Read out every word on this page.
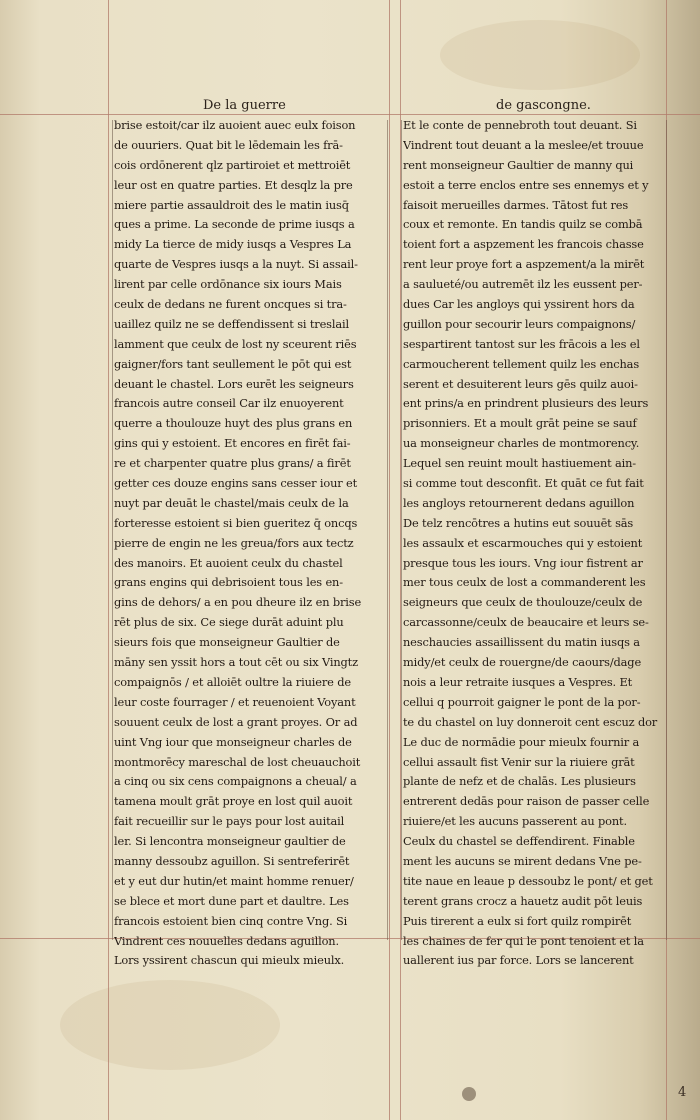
De la guerre	de gascongne.
brise estoit/car ilz auoient auec eulx foison
de ouuriers. Quat bit le lēdemain les frā-
cois ordōnerent qlz partiroiet et mettroiēt
leur ost en quatre parties. Et desqlz la pre
miere partie assauldroit des le matin iusq̄
ques a prime. La seconde de prime iusqs a
midy La tierce de midy iusqs a Vespres La
quarte de Vespres iusqs a la nuyt. Si assail-
lirent par celle ordōnance six iours Mais
ceulx de dedans ne furent oncques si tra-
uaillez quilz ne se deffendissent si treslail
lamment que ceulx de lost ny sceurent riēs
gaigner/fors tant seullement le pōt qui est
deuant le chastel. Lors eurēt les seigneurs
francois autre conseil Car ilz enuoyerent
querre a thoulouze huyt des plus grans en
gins qui y estoient. Et encores en firēt fai-
re et charpenter quatre plus grans/ a firēt
getter ces douze engins sans cesser iour et
nuyt par deuāt le chastel/mais ceulx de la
forteresse estoient si bien gueritez q̄ oncqs
pierre de engin ne les greua/fors aux tectz
des manoirs. Et auoient ceulx du chastel
grans engins qui debrisoient tous les en-
gins de dehors/ a en pou dheure ilz en brise
rēt plus de six. Ce siege durāt aduint plu
sieurs fois que monseigneur Gaultier de
māny sen yssit hors a tout cēt ou six Vingtz
compaignōs / et alloiēt oultre la riuiere de
leur coste fourrager / et reuenoient Voyant
souuent ceulx de lost a grant proyes. Or ad
uint Vng iour que monseigneur charles de
montmorēcy mareschal de lost cheuauchoit
a cinq ou six cens compaignons a cheual/ a
tamena moult grāt proye en lost quil auoit
fait recueillir sur le pays pour lost auitail
ler. Si lencontra monseigneur gaultier de
manny dessoubz aguillon. Si sentreferirēt
et y eut dur hutin/et maint homme renuer/
se blece et mort dune part et daultre. Les
francois estoient bien cinq contre Vng. Si
Vindrent ces nouuelles dedans aguillon.
Lors yssirent chascun qui mieulx mieulx.
Et le conte de pennebroth tout deuant. Si
Vindrent tout deuant a la meslee/et trouue
rent monseigneur Gaultier de manny qui
estoit a terre enclos entre ses ennemys et y
faisoit merueilles darmes. Tātost fut res
coux et remonte. En tandis quilz se combā
toient fort a aspzement les francois chasse
rent leur proye fort a aspzement/a la mirēt
a saulueté/ou autremēt ilz les eussent per-
dues Car les angloys qui yssirent hors da
guillon pour secourir leurs compaignons/
sespartirent tantost sur les frācois a les el
carmoucherent tellement quilz les enchas
serent et desuiterent leurs gēs quilz auoi-
ent prins/a en prindrent plusieurs des leurs
prisonniers. Et a moult grāt peine se sauf
ua monseigneur charles de montmorency.
Lequel sen reuint moult hastiuement ain-
si comme tout desconfit. Et quāt ce fut fait
les angloys retournerent dedans aguillon
De telz rencōtres a hutins eut souuēt sās
les assaulx et escarmouches qui y estoient
presque tous les iours. Vng iour fistrent ar
mer tous ceulx de lost a commanderent les
seigneurs que ceulx de thoulouze/ceulx de
carcassonne/ceulx de beaucaire et leurs se-
neschaucies assaillissent du matin iusqs a
midy/et ceulx de rouergne/de caours/dage
nois a leur retraite iusques a Vespres. Et
cellui q pourroit gaigner le pont de la por-
te du chastel on luy donneroit cent escuz dor
Le duc de normādie pour mieulx fournir a
cellui assault fist Venir sur la riuiere grāt
plante de nefz et de chalās. Les plusieurs
entrerent dedās pour raison de passer celle
riuiere/et les aucuns passerent au pont.
Ceulx du chastel se deffendirent. Finable
ment les aucuns se mirent dedans Vne pe-
tite naue en leaue p dessoubz le pont/ et get
terent grans crocz a hauetz audit pōt leuis
Puis tirerent a eulx si fort quilz rompirēt
les chaines de fer qui le pont tenoient et la
uallerent ius par force. Lors se lancerent
4
